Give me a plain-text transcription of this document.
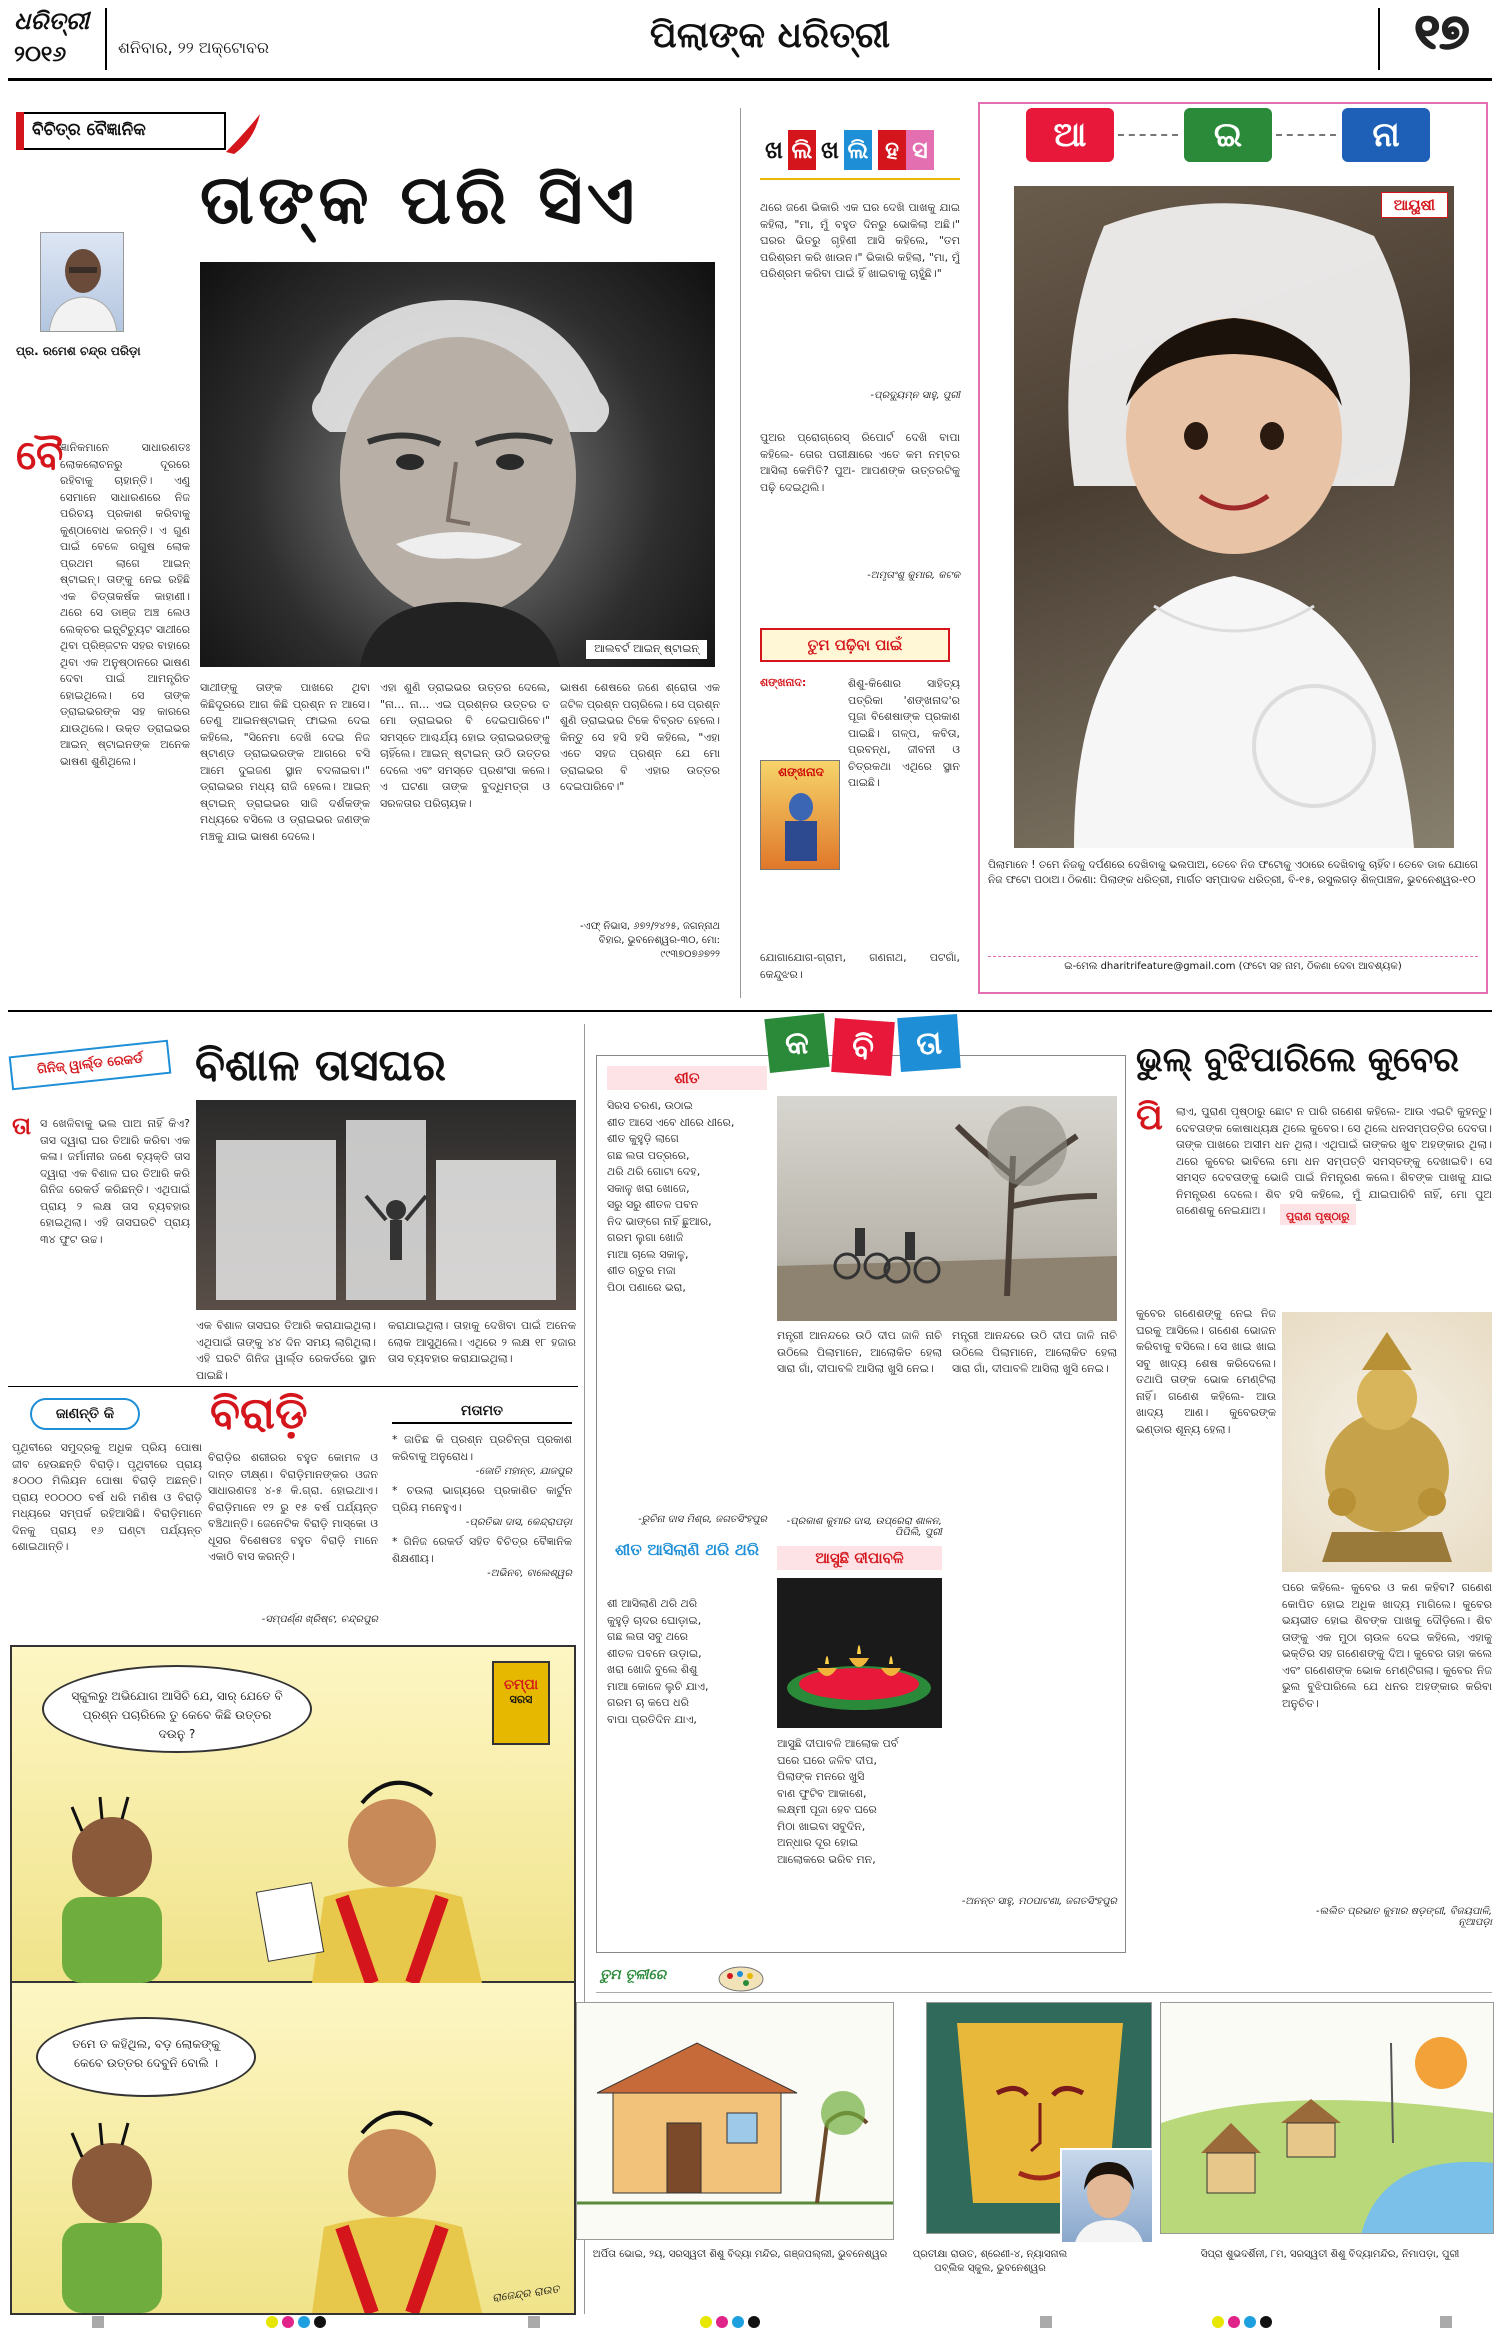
ଧରିତ୍ରୀ
୨୦୧୬	ଶନିବାର, ୨୨ ଅକ୍ଟୋବର	ପିଲାଙ୍କ ଧରିତ୍ରୀ	୧୭
ବିଚିତ୍ର ବୈଜ୍ଞାନିକ
ତାଙ୍କ ପରି ସିଏ
ପ୍ର. ରମେଶ ଚନ୍ଦ୍ର ପରିଡ଼ା
ଆଲବର୍ଟ ଆଇନ୍ ଷ୍ଟାଇନ୍
ବୈ
ଜ୍ଞାନିକମାନେ ସାଧାରଣତଃ ଲୋକଲୋଚନରୁ ଦୂରରେ ରହିବାକୁ ଚାହାନ୍ତି। ଏଣୁ ସେମାନେ ସାଧାରଣରେ ନିଜ ପରିଚୟ ପ୍ରକାଶ କରିବାକୁ କୁଣ୍ଠାବୋଧ କରନ୍ତି। ଏ ଗୁଣ ପାଇଁ ବେଳେ ରଗୁଷ ଲୋକ ପ୍ରଥମ ଲାଗେ ଆଇନ୍ ଷ୍ଟାଇନ୍। ତାଙ୍କୁ ନେଇ ରହିଛି ଏକ ଚିତ୍ତାକର୍ଷକ କାହାଣୀ। ଥରେ ସେ ଡାଞ୍ଜ ଅଞ୍ଚ ଲେଓ ଲେକ୍ଚର ଇନ୍ସ୍ଟିଚ୍ୟୁଟ ସାଥୀରେ ଥିବା ପ୍ରିଞ୍ଜଟନ ସହର ବାହାରେ ଥିବା ଏକ ଅନୁଷ୍ଠାନରେ ଭାଷଣ ଦେବା ପାଇଁ ଆମନ୍ତ୍ରିତ ହୋଇଥିଲେ। ସେ ତାଙ୍କ ଡ୍ରାଇଭରଙ୍କ ସହ କାରରେ ଯାଉଥିଲେ। ଉକ୍ତ ଡ୍ରାଇଭର ଆଇନ୍ ଷ୍ଟାଇନଙ୍କ ଅନେକ ଭାଷଣ ଶୁଣିଥିଲେ।
ସାଥୀଙ୍କୁ ତାଙ୍କ ପାଖରେ ଥିବା କିଛିଦୂରରେ ଆଗ କିଛି ପ୍ରଶ୍ନ ନ ଆସେ। ତେଣୁ ଆଇନଷ୍ଟାଇନ୍ ଫାଇଲ ଦେଇ କହିଲେ, "ସିନେମା ଦେଖି ଦେଇ ନିଜ ଷ୍ଟାଣ୍ଡ ଡ୍ରାଇଭରଙ୍କ ଆଗରେ ବସି ଆମେ ଦୁଇଜଣ ସ୍ଥାନ ବଦଳାଇବା।" ଡ୍ରାଇଭର ମଧ୍ୟ ରାଜି ହେଲେ। ଆଇନ୍ ଷ୍ଟାଇନ୍ ଡ୍ରାଇଭର ସାଜି ଦର୍ଶକଙ୍କ ମଧ୍ୟରେ ବସିଲେ ଓ ଡ୍ରାଇଭର ଜଣଙ୍କ ମଞ୍ଚକୁ ଯାଇ ଭାଷଣ ଦେଲେ।
ଏହା ଶୁଣି ଡ୍ରାଇଭର ଉତ୍ତର ଦେଲେ, "ନା... ନା... ଏଇ ପ୍ରଶ୍ନର ଉତ୍ତର ତ ମୋ ଡ୍ରାଇଭର ବି ଦେଇପାରିବେ।" ସମସ୍ତେ ଆଶ୍ଚର୍ଯ୍ୟ ହୋଇ ଡ୍ରାଇଭରଙ୍କୁ ଚାହିଁଲେ। ଆଇନ୍ ଷ୍ଟାଇନ୍ ଉଠି ଉତ୍ତର ଦେଲେ ଏବଂ ସମସ୍ତେ ପ୍ରଶଂସା କଲେ। ଏ ଘଟଣା ତାଙ୍କ ବୁଦ୍ଧିମତ୍ତା ଓ ସରଳତାର ପରିଚାୟକ।
ଭାଷଣ ଶେଷରେ ଜଣେ ଶ୍ରୋତା ଏକ ଜଟିଳ ପ୍ରଶ୍ନ ପଚାରିଲେ। ସେ ପ୍ରଶ୍ନ ଶୁଣି ଡ୍ରାଇଭର ଟିକେ ବିବ୍ରତ ହେଲେ। କିନ୍ତୁ ସେ ହସି ହସି କହିଲେ, "ଏହା ଏତେ ସହଜ ପ୍ରଶ୍ନ ଯେ ମୋ ଡ୍ରାଇଭର ବି ଏହାର ଉତ୍ତର ଦେଇପାରିବେ।"
-ଏଫ୍ ନିଭାସ, ୬୭୨/୨୪୨୫, ଜଗନ୍ନାଥ ବିହାର, ଭୁବନେଶ୍ୱର-୩୦, ମୋ: ୯୯୩୭୦୭୬୭୨୨
ଖ ଲି ଖ ଲି ହ ସ
ଥରେ ଜଣେ ଭିକାରି ଏକ ଘର ଦେଖି ପାଖକୁ ଯାଇ କହିଲା, "ମା, ମୁଁ ବହୁତ ଦିନରୁ ଭୋକିଲା ଅଛି।" ଘରର ଭିତରୁ ଗୃହିଣୀ ଆସି କହିଲେ, "ତମ ପରିଶ୍ରମ କରି ଖାଉନ।" ଭିକାରି କହିଲା, "ମା, ମୁଁ ପରିଶ୍ରମ କରିବା ପାଇଁ ହିଁ ଖାଇବାକୁ ଚାହୁଁଛି।"
-ପ୍ରଦ୍ୟୁମ୍ନ ସାହୁ, ପୁରୀ
ପୁଅର ପ୍ରୋଗ୍ରେସ୍ ରିପୋର୍ଟ ଦେଖି ବାପା କହିଲେ- ତୋର ପରୀକ୍ଷାରେ ଏତେ କମ ନମ୍ବର ଆସିଲା କେମିତି? ପୁଅ- ଆପଣଙ୍କ ଉତ୍ତରଟିକୁ ପଢ଼ି ଦେଇଥିଲି।
-ଅମୃତାଂଶୁ କୁମାର, କଟକ
ତୁମ ପଢ଼ିବା ପାଇଁ
ଶଙ୍ଖନାଦ:
ଶଙ୍ଖନାଦ
ଶିଶୁ-କିଶୋର ସାହିତ୍ୟ ପତ୍ରିକା 'ଶଙ୍ଖନାଦ'ର ପୂଜା ବିଶେଷାଙ୍କ ପ୍ରକାଶ ପାଇଛି। ଗଳ୍ପ, କବିତା, ପ୍ରବନ୍ଧ, ଜୀବନୀ ଓ ଚିତ୍ରକଥା ଏଥିରେ ସ୍ଥାନ ପାଇଛି।
ଯୋଗାଯୋଗ-ଗ୍ରାମ, ଗଣନାଥ, ପଟଗାଁ, କେନ୍ଦୁଝର।
ଆ	ଇ	ନା
ଆୟୁଷୀ
ପିଲାମାନେ ! ତମେ ନିଜକୁ ଦର୍ପଣରେ ଦେଖିବାକୁ ଭଲପାଅ, ତେବେ ନିଜ ଫଟୋକୁ ଏଠାରେ ଦେଖିବାକୁ ଚାହିଁବ। ତେବେ ଡାକ ଯୋଗେ ନିଜ ଫଟୋ ପଠାଅ। ଠିକଣା: ପିଲାଙ୍କ ଧରିତ୍ରୀ, ମାର୍ଗତ ସମ୍ପାଦକ ଧରିତ୍ରୀ, ବି-୧୫, ରସୁଲଗଡ଼ ଶିଳ୍ପାଞ୍ଚଳ, ଭୁବନେଶ୍ୱର-୧୦
ଇ-ମେଲ dharitrifeature@gmail.com (ଫଟୋ ସହ ନାମ, ଠିକଣା ଦେବା ଆବଶ୍ୟକ)
ଗିନିଜ୍ ୱାର୍ଲ୍ଡ ରେକର୍ଡ	ବିଶାଳ ତାସଘର
ତା ସ ଖେଳିବାକୁ ଭଲ ପାଅ ନାହିଁ କିଏ? ତାସ ଦ୍ୱାରା ଘର ତିଆରି କରିବା ଏକ କଳା। ଜର୍ମାନୀର ଜଣେ ବ୍ୟକ୍ତି ତାସ ଦ୍ୱାରା ଏକ ବିଶାଳ ଘର ତିଆରି କରି ଗିନିଜ ରେକର୍ଡ କରିଛନ୍ତି। ଏଥିପାଇଁ ପ୍ରାୟ ୨ ଲକ୍ଷ ତାସ ବ୍ୟବହାର ହୋଇଥିଲା। ଏହି ତାସଘରଟି ପ୍ରାୟ ୩୪ ଫୁଟ ଉଚ୍ଚ।
ଏକ ବିଶାଳ ତାସଘର ତିଆରି କରାଯାଇଥିଲା। ଏଥିପାଇଁ ତାଙ୍କୁ ୪୪ ଦିନ ସମୟ ଲାଗିଥିଲା। ଏହି ଘରଟି ଗିନିଜ ୱାର୍ଲ୍ଡ ରେକର୍ଡରେ ସ୍ଥାନ ପାଇଛି।
କରାଯାଇଥିଲା। ତାହାକୁ ଦେଖିବା ପାଇଁ ଅନେକ ଲୋକ ଆସୁଥିଲେ। ଏଥିରେ ୨ ଲକ୍ଷ ୧୮ ହଜାର ତାସ ବ୍ୟବହାର କରାଯାଇଥିଲା।
ଜାଣନ୍ତି କି
ପୃଥିବୀରେ ସମୁଦ୍ରକୁ ଅଧିକ ପ୍ରିୟ ପୋଷା ଜୀବ ହେଉଛନ୍ତି ବିରାଡ଼ି। ପୃଥିବୀରେ ପ୍ରାୟ ୫୦୦୦ ମିଲିୟନ ପୋଷା ବିରାଡ଼ି ଅଛନ୍ତି। ପ୍ରାୟ ୧୦୦୦୦ ବର୍ଷ ଧରି ମଣିଷ ଓ ବିରାଡ଼ି ମଧ୍ୟରେ ସମ୍ପର୍କ ରହିଆସିଛି। ବିରାଡ଼ିମାନେ ଦିନକୁ ପ୍ରାୟ ୧୬ ଘଣ୍ଟା ପର୍ଯ୍ୟନ୍ତ ଶୋଇଥାନ୍ତି।
ବିରାଡ଼ି
ବିରାଡ଼ିର ଶରୀରର ବହୁତ କୋମଳ ଓ ଦାନ୍ତ ତୀକ୍ଷ୍ଣ। ବିରାଡ଼ିମାନଙ୍କର ଓଜନ ସାଧାରଣତଃ ୪-୫ କି.ଗ୍ରା. ହୋଇଥାଏ। ବିରାଡ଼ିମାନେ ୧୨ ରୁ ୧୫ ବର୍ଷ ପର୍ଯ୍ୟନ୍ତ ବଞ୍ଚିଥାନ୍ତି। ଜେନେଟିକ ବିରାଡ଼ି ମାସ୍କୋ ଓ ଧୂସର ବିଶେଷତଃ ବହୁତ ବିରାଡ଼ି ମାନେ ଏକାଠି ବାସ କରନ୍ତି।
-ସମ୍ପର୍ଣ୍ଣ ଖ୍ରିଷ୍ଟ, ଚନ୍ଦ୍ରପୁର
ମତାମତ
* ଜାତିଛ କି ପ୍ରଶ୍ନ ପ୍ରଚିନ୍ତା ପ୍ରକାଶ କରିବାକୁ ଅନୁରୋଧ।
-ଜୋତି ମହାନ୍ତ, ଯାଜପୁର
* ଚଉଲା ଭାଗ୍ୟରେ ପ୍ରକାଶିତ କାର୍ଟୁନ ପ୍ରିୟ ମନେହୁଏ।
-ପ୍ରତିଭା ଦାସ, କେନ୍ଦ୍ରାପଡ଼ା
* ଗିନିଜ ରେକର୍ଡ ସହିତ ବିଚିତ୍ର ବୈଜ୍ଞାନିକ ଶିକ୍ଷଣୀୟ।
-ଅଭିନବ, ବାଲେଶ୍ୱର
ସ୍କୁଲରୁ ଅଭିଯୋଗ ଆସିଚି ଯେ, ସାର୍ ଯେତେ ବି ପ୍ରଶ୍ନ ପଚାରିଲେ ତୁ କେବେ କିଛି ଉତ୍ତର ଦଉନୁ ?
ଚମ୍ପା
ସରସ
ତମେ ତ କହିଥିଲ, ବଡ଼ ଲୋକଙ୍କୁ କେବେ ଉତ୍ତର ଦେବୁନି ବୋଲି ।
ରାଜେନ୍ଦ୍ର ରାଉତ
କ	ବି	ତା
ଶୀତ
ସିରସ ଚରଣ, ଉଠାଇ
ଶୀତ ଆସେ ଏବେ ଧୀରେ ଧୀରେ,
ଶୀତ କୁହୁଡ଼ି ଲାଗେ
ଗଛ ଲତା ପତ୍ରରେ,
ଥରି ଥରି ଗୋଟା ଦେହ,
ସକାଳୁ ଖରା ଖୋଜେ,
ସରୁ ସରୁ ଶୀତଳ ପବନ
ନିଦ ଭାଙ୍ଗେ ନାହିଁ ଛୁଆର,
ଗରମ ଲୁଗା ଖୋଜି
ମାଆ ଚାଲେ ସକାଳୁ,
ଶୀତ ଋତୁର ମଜା
ପିଠା ପଣାରେ ଭରା,
-ରୁଚିନା ଦାସ ମିଶ୍ର, ଜଗତସିଂହପୁର
ମନ୍ତ୍ରୀ ଆନନ୍ଦରେ ଉଠି ଦୀପ ଜାଳି ନାଚି ଉଠିଲେ ପିଲାମାନେ, ଆଲୋକିତ ହେଲା ସାରା ଗାଁ, ଦୀପାବଳି ଆସିଲା ଖୁସି ନେଇ।
ଶୀତ ଆସିଲାଣି ଥରି ଥରି
ଶୀ ଆସିଲାଣି ଥରି ଥରି
କୁହୁଡ଼ି ଚାଦର ଘୋଡ଼ାଇ,
ଗଛ ଲତା ସବୁ ଥରେ
ଶୀତଳ ପବନେ ଉଡ଼ାଇ,
ଖରା ଖୋଜି ବୁଲେ ଶିଶୁ
ମାଆ କୋଳେ ଲୁଚି ଯାଏ,
ଗରମ ଚା କପେ ଧରି
ବାପା ପ୍ରତିଦିନ ଯାଏ,
-ପ୍ରକାଶ କୁମାର ଦାସ, ଉପ୍ରେରା ଶାଳନ, ପିପିଲି, ପୁରୀ
ଆସୁଛି ଦୀପାବଳି
ଆସୁଛି ଦୀପାବଳି ଆଲୋକ ପର୍ବ
ଘରେ ଘରେ ଜଳିବ ଦୀପ,
ପିଲାଙ୍କ ମନରେ ଖୁସି
ବାଣ ଫୁଟିବ ଆକାଶେ,
ଲକ୍ଷ୍ମୀ ପୂଜା ହେବ ଘରେ
ମିଠା ଖାଇବା ସବୁଦିନ,
ଅନ୍ଧାର ଦୂର ହୋଇ
ଆଲୋକରେ ଭରିବ ମନ,
ମନ୍ତ୍ରୀ ଆନନ୍ଦରେ ଉଠି ଦୀପ ଜାଳି ନାଚି ଉଠିଲେ ପିଲାମାନେ, ଆଲୋକିତ ହେଲା ସାରା ଗାଁ, ଦୀପାବଳି ଆସିଲା ଖୁସି ନେଇ।
-ଅନନ୍ତ ସାହୁ, ମଠପାଟଣା, ଜଗତସିଂହପୁର
ଭୁଲ୍ ବୁଝିପାରିଲେ କୁବେର
ପି ଲାଏ, ପୁରାଣ ପୃଷ୍ଠାରୁ ଛୋଟ ନ ପାରି ଗଣେଶ କହିଲେ- ଆଉ ଏଇଟି କୁହନ୍ତୁ। ଦେବତାଙ୍କ କୋଷାଧ୍ୟକ୍ଷ ଥିଲେ କୁବେର। ସେ ଥିଲେ ଧନସମ୍ପତ୍ତିର ଦେବତା। ତାଙ୍କ ପାଖରେ ଅସୀମ ଧନ ଥିଲା। ଏଥିପାଇଁ ତାଙ୍କର ଖୁବ ଅହଙ୍କାର ଥିଲା। ଥରେ କୁବେର ଭାବିଲେ ମୋ ଧନ ସମ୍ପତ୍ତି ସମସ୍ତଙ୍କୁ ଦେଖାଇବି। ସେ ସମସ୍ତ ଦେବତାଙ୍କୁ ଭୋଜି ପାଇଁ ନିମନ୍ତ୍ରଣ କଲେ। ଶିବଙ୍କ ପାଖକୁ ଯାଇ ନିମନ୍ତ୍ରଣ ଦେଲେ। ଶିବ ହସି କହିଲେ, ମୁଁ ଯାଇପାରିବି ନାହିଁ, ମୋ ପୁଅ ଗଣେଶକୁ ନେଇଯାଅ।	ପୁରାଣ ପୃଷ୍ଠାରୁ
କୁବେର ଗଣେଶଙ୍କୁ ନେଇ ନିଜ ଘରକୁ ଆସିଲେ। ଗଣେଶ ଭୋଜନ କରିବାକୁ ବସିଲେ। ସେ ଖାଇ ଖାଇ ସବୁ ଖାଦ୍ୟ ଶେଷ କରିଦେଲେ। ତଥାପି ତାଙ୍କ ଭୋକ ମେଣ୍ଟିଲା ନାହିଁ। ଗଣେଶ କହିଲେ- ଆଉ ଖାଦ୍ୟ ଆଣ। କୁବେରଙ୍କ ଭଣ୍ଡାର ଶୂନ୍ୟ ହେଲା।
ପରେ କହିଲେ- କୁବେର ଓ କଣ କହିବା? ଗଣେଶ କୋପିତ ହୋଇ ଅଧିକ ଖାଦ୍ୟ ମାଗିଲେ। କୁବେର ଭୟଭୀତ ହୋଇ ଶିବଙ୍କ ପାଖକୁ ଦୌଡ଼ିଲେ। ଶିବ ତାଙ୍କୁ ଏକ ମୁଠା ଚାଉଳ ଦେଇ କହିଲେ, ଏହାକୁ ଭକ୍ତିର ସହ ଗଣେଶଙ୍କୁ ଦିଅ। କୁବେର ତାହା କଲେ ଏବଂ ଗଣେଶଙ୍କ ଭୋକ ମେଣ୍ଟିଗଲା। କୁବେର ନିଜ ଭୁଲ ବୁଝିପାରିଲେ ଯେ ଧନର ଅହଙ୍କାର କରିବା ଅନୁଚିତ।
-ଲଲିତ ପ୍ରଭାତ କୁମାର ଷଡ଼ଙ୍ଗୀ, ବିଜୟପାଳି, ନୂଆପଡ଼ା
ତୁମ ତୂଳୀରେ
ଅର୍ପିତା ଭୋଇ, ୨ୟ, ସରସ୍ୱତୀ ଶିଶୁ ବିଦ୍ୟା ମନ୍ଦିର, ଗଞ୍ଜପଲ୍ଲୀ, ଭୁବନେଶ୍ୱର	ପ୍ରତୀକ୍ଷା ରାଉତ, ଶ୍ରେଣୀ-୪, ନ୍ୟାସନାଲ ପବ୍ଲିକ ସ୍କୁଲ, ଭୁବନେଶ୍ୱର
ସିପ୍ରା ଶୁଭଦର୍ଶିନୀ, ୮ମ, ସରସ୍ୱତୀ ଶିଶୁ ବିଦ୍ୟାମନ୍ଦିର, ନିମାପଡ଼ା, ପୁରୀ
